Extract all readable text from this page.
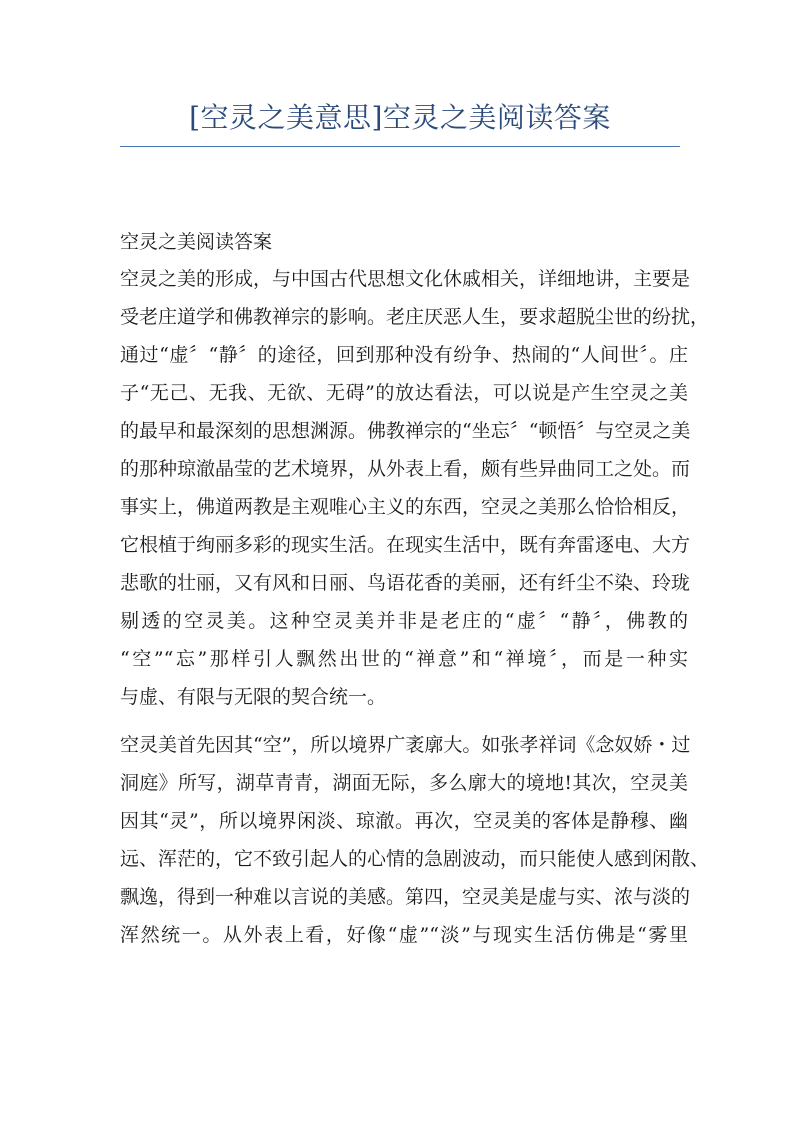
[空灵之美意思]空灵之美阅读答案

空灵之美阅读答案

空灵之美的形成，与中国古代思想文化休戚相关，详细地讲，主要是

受老庄道学和佛教禅宗的影响。老庄厌恶人生，要求超脱尘世的纷扰，

通过“虚〞“静〞的途径，回到那种没有纷争、热闹的“人间世〞。庄

子“无己、无我、无欲、无碍”的放达看法，可以说是产生空灵之美

的最早和最深刻的思想渊源。佛教禅宗的“坐忘〞“顿悟〞与空灵之美

的那种琼澈晶莹的艺术境界，从外表上看，颇有些异曲同工之处。而

事实上，佛道两教是主观唯心主义的东西，空灵之美那么恰恰相反，

它根植于绚丽多彩的现实生活。在现实生活中，既有奔雷逐电、大方

悲歌的壮丽，又有风和日丽、鸟语花香的美丽，还有纤尘不染、玲珑

剔透的空灵美。这种空灵美并非是老庄的“虚〞“静〞，佛教的

“空”“忘”那样引人飘然出世的“禅意”和“禅境〞，而是一种实

与虚、有限与无限的契合统一。

空灵美首先因其“空”，所以境界广袤廓大。如张孝祥词《念奴娇・过

洞庭》所写，湖草青青，湖面无际，多么廓大的境地!其次，空灵美

因其“灵”，所以境界闲淡、琼澈。再次，空灵美的客体是静穆、幽

远、浑茫的，它不致引起人的心情的急剧波动，而只能使人感到闲散、

飘逸，得到一种难以言说的美感。第四，空灵美是虚与实、浓与淡的

浑然统一。从外表上看，好像“虚”“淡”与现实生活仿佛是“雾里
